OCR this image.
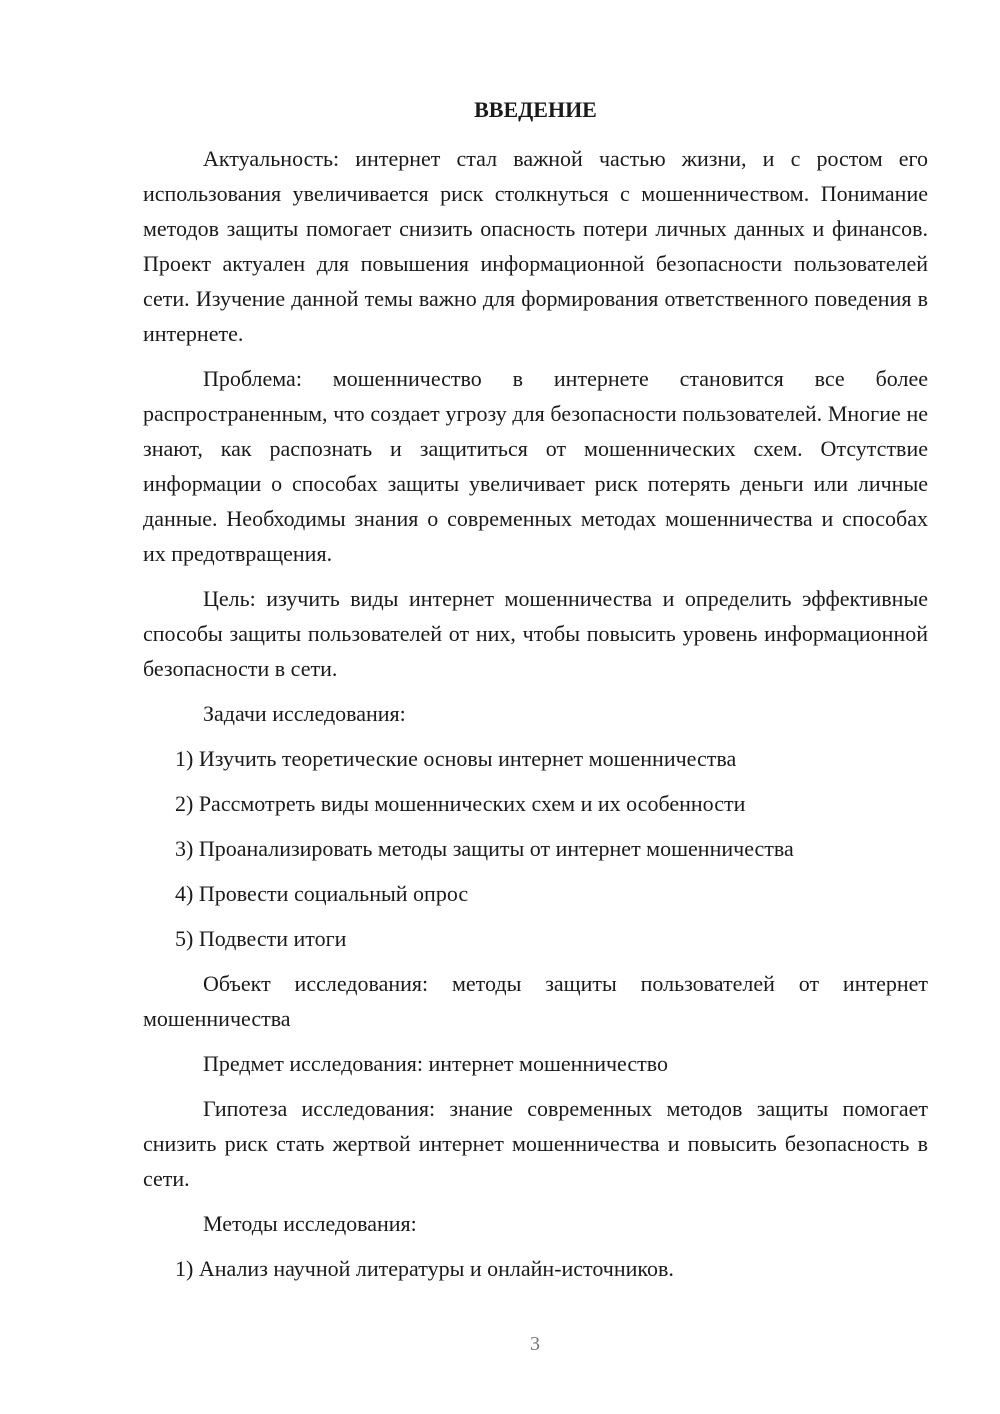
ВВЕДЕНИЕ

Актуальность: интернет стал важной частью жизни, и с ростом его использования увеличивается риск столкнуться с мошенничеством. Понимание методов защиты помогает снизить опасность потери личных данных и финансов. Проект актуален для повышения информационной безопасности пользователей сети. Изучение данной темы важно для формирования ответственного поведения в интернете.

Проблема: мошенничество в интернете становится все более распространенным, что создает угрозу для безопасности пользователей. Многие не знают, как распознать и защититься от мошеннических схем. Отсутствие информации о способах защиты увеличивает риск потерять деньги или личные данные. Необходимы знания о современных методах мошенничества и способах их предотвращения.

Цель: изучить виды интернет мошенничества и определить эффективные способы защиты пользователей от них, чтобы повысить уровень информационной безопасности в сети.

Задачи исследования:

1) Изучить теоретические основы интернет мошенничества
2) Рассмотреть виды мошеннических схем и их особенности
3) Проанализировать методы защиты от интернет мошенничества
4) Провести социальный опрос
5) Подвести итоги

Объект исследования: методы защиты пользователей от интернет мошенничества

Предмет исследования: интернет мошенничество

Гипотеза исследования: знание современных методов защиты помогает снизить риск стать жертвой интернет мошенничества и повысить безопасность в сети.

Методы исследования:

1) Анализ научной литературы и онлайн-источников.
3
